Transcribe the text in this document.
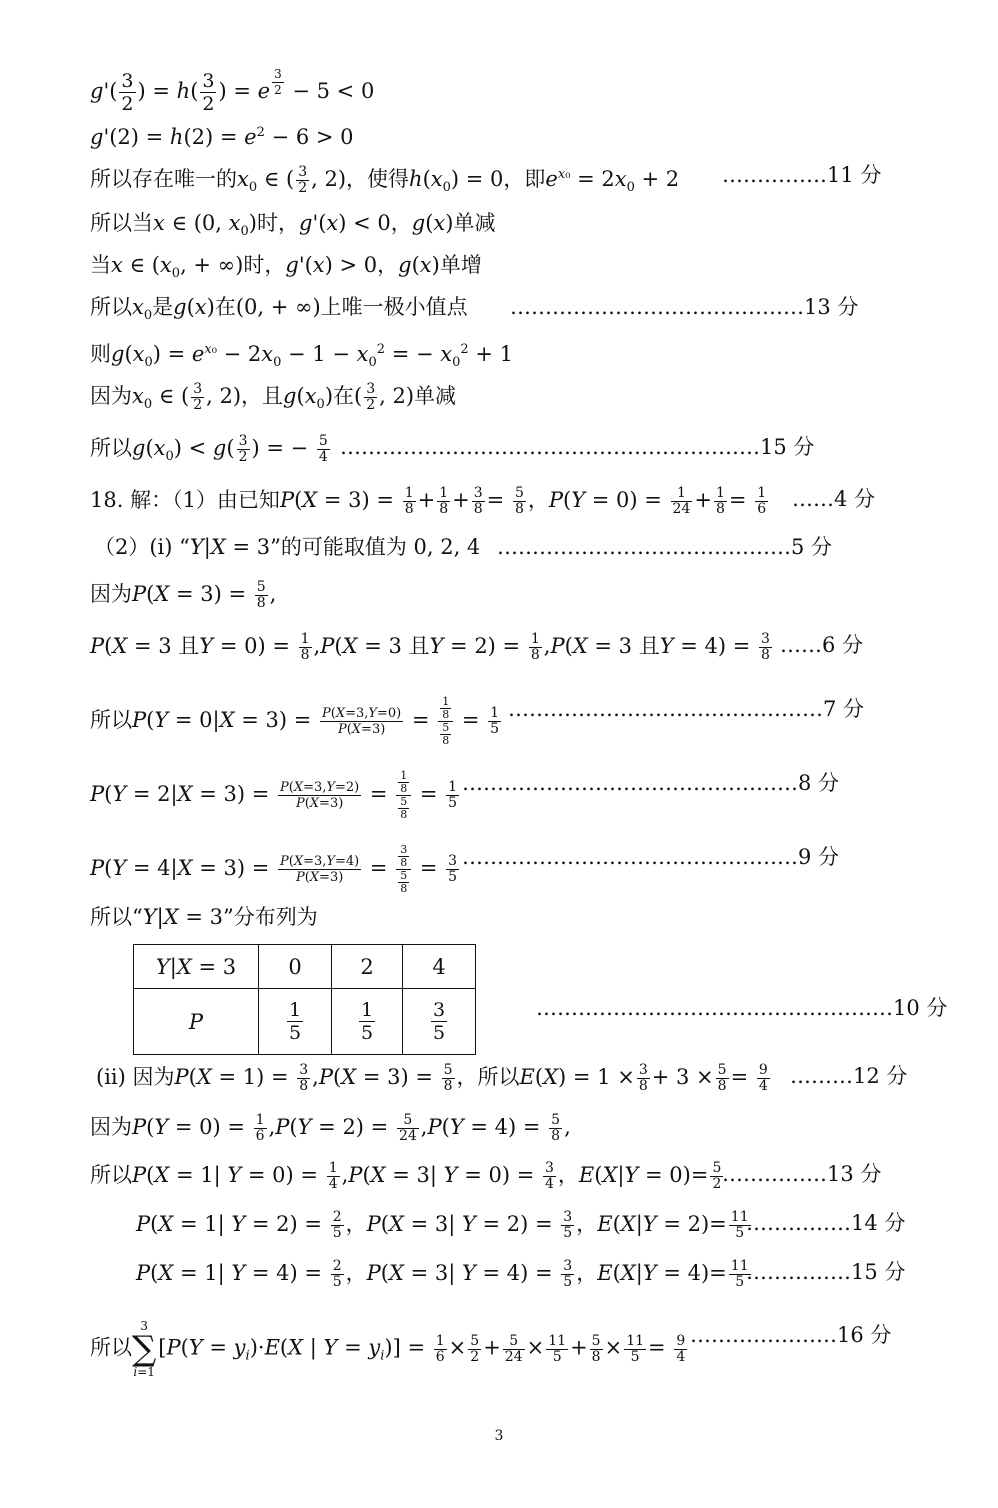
$g'( \frac{3}{2}$ ) = $h( \frac{3}{2}$ ) = e $^{\frac{3}{2}}$ − 5 < 0
$g'(2) = h(2) = e^2 - 6 > 0$
所以存在唯一的$x_0$ ∈ ( $\frac{3}{2}$ , 2)，使得$h(x_0) = 0$，即$e^{x_0} = 2x_0 + 2$ ……………11 分
所以当x ∈ (0, $x_0$)时，g'(x) < 0，g(x)单减
当x ∈ ($x_0$, + ∞)时，g'(x) > 0，g(x)单增
所以$x_0$是g(x)在(0, + ∞)上唯一极小值点 ……………………………………13 分
则$g(x_0) = e^{x_0} - 2x_0 - 1 - x_0^2$ = − $x_0^2 + 1$
因为$x_0$ ∈ ( $\frac{3}{2}$ , 2)，且$g(x_0)$在( $\frac{3}{2}$ , 2)单减
所以$g(x_0) < g( \frac{3}{2}$ ) = − $\frac{5}{4}$ ……………………………………………………15 分
18. 解：（1）由已知$P(X = 3) = \frac{1}{8} + \frac{1}{8} + \frac{3}{8} = \frac{5}{8}$ ，$P(Y = 0) = \frac{1}{24} + \frac{1}{8} = \frac{1}{6}$ ……4 分
（2）(i) “Y|X = 3”的可能取值为 0, 2, 4 ……………………………………5 分
因为$P(X = 3) = \frac{5}{8}$ ,
P(X = 3 且$Y = 0) = \frac{1}{8} ,P(X = 3$ 且$Y = 2) = \frac{1}{8} ,P(X = 3$ 且$Y = 4) = \frac{3}{8}$ ……6 分
所以$P(Y = 0|X = 3) = \frac{P(X=3,Y=0)}{P(X=3)} = \frac{\frac{1}{8}}{\frac{5}{8}} = \frac{1}{5}$ ………………………………………7 分
$P(Y = 2|X = 3) = \frac{P(X=3,Y=2)}{P(X=3)} = \frac{\frac{1}{8}}{\frac{5}{8}} = \frac{1}{5}$ …………………………………………8 分
$P(Y = 4|X = 3) = \frac{P(X=3,Y=4)}{P(X=3)} = \frac{\frac{3}{8}}{\frac{5}{8}} = \frac{3}{5}$ …………………………………………9 分
所以“Y|X = 3”分布列为
Y|X = 3	0	2	4
P	$\frac{1}{5}$	$\frac{1}{5}$	$\frac{3}{5}$	……………………………………………10 分
(ii) 因为$P(X = 1) = \frac{3}{8} ,P(X = 3) = \frac{5}{8}$ ，所以$E(X) = 1 \times \frac{3}{8} + 3 \times \frac{5}{8} = \frac{9}{4}$ ………12 分
因为$P(Y = 0) = \frac{1}{6} ,P(Y = 2) = \frac{5}{24} ,P(Y = 4) = \frac{5}{8}$ ,
所以P(X = 1| $Y = 0) = \frac{1}{4} ,P(X = 3|$ $Y = 0) = \frac{3}{4}$ ，$E(X|Y = 0)= \frac{5}{2}$
……………13 分
P(X = 1| $Y = 2) = \frac{2}{5}$ ，P(X = 3| $Y = 2) = \frac{3}{5}$ ，$E(X|Y = 2)= \frac{11}{5}$
……………14 分
P(X = 1| $Y = 4) = \frac{2}{5}$ ，P(X = 3| $Y = 4) = \frac{3}{5}$ ，$E(X|Y = 4)= \frac{11}{5}$
……………15 分
所以3
∑
$i=1[P(Y = y_i)\cdot E(X$ | $Y = y_i)] = \frac{1}{6} \times \frac{5}{2} + \frac{5}{24} \times \frac{11}{5} + \frac{5}{8} \times \frac{11}{5} = \frac{9}{4}$ …………………16 分
3
